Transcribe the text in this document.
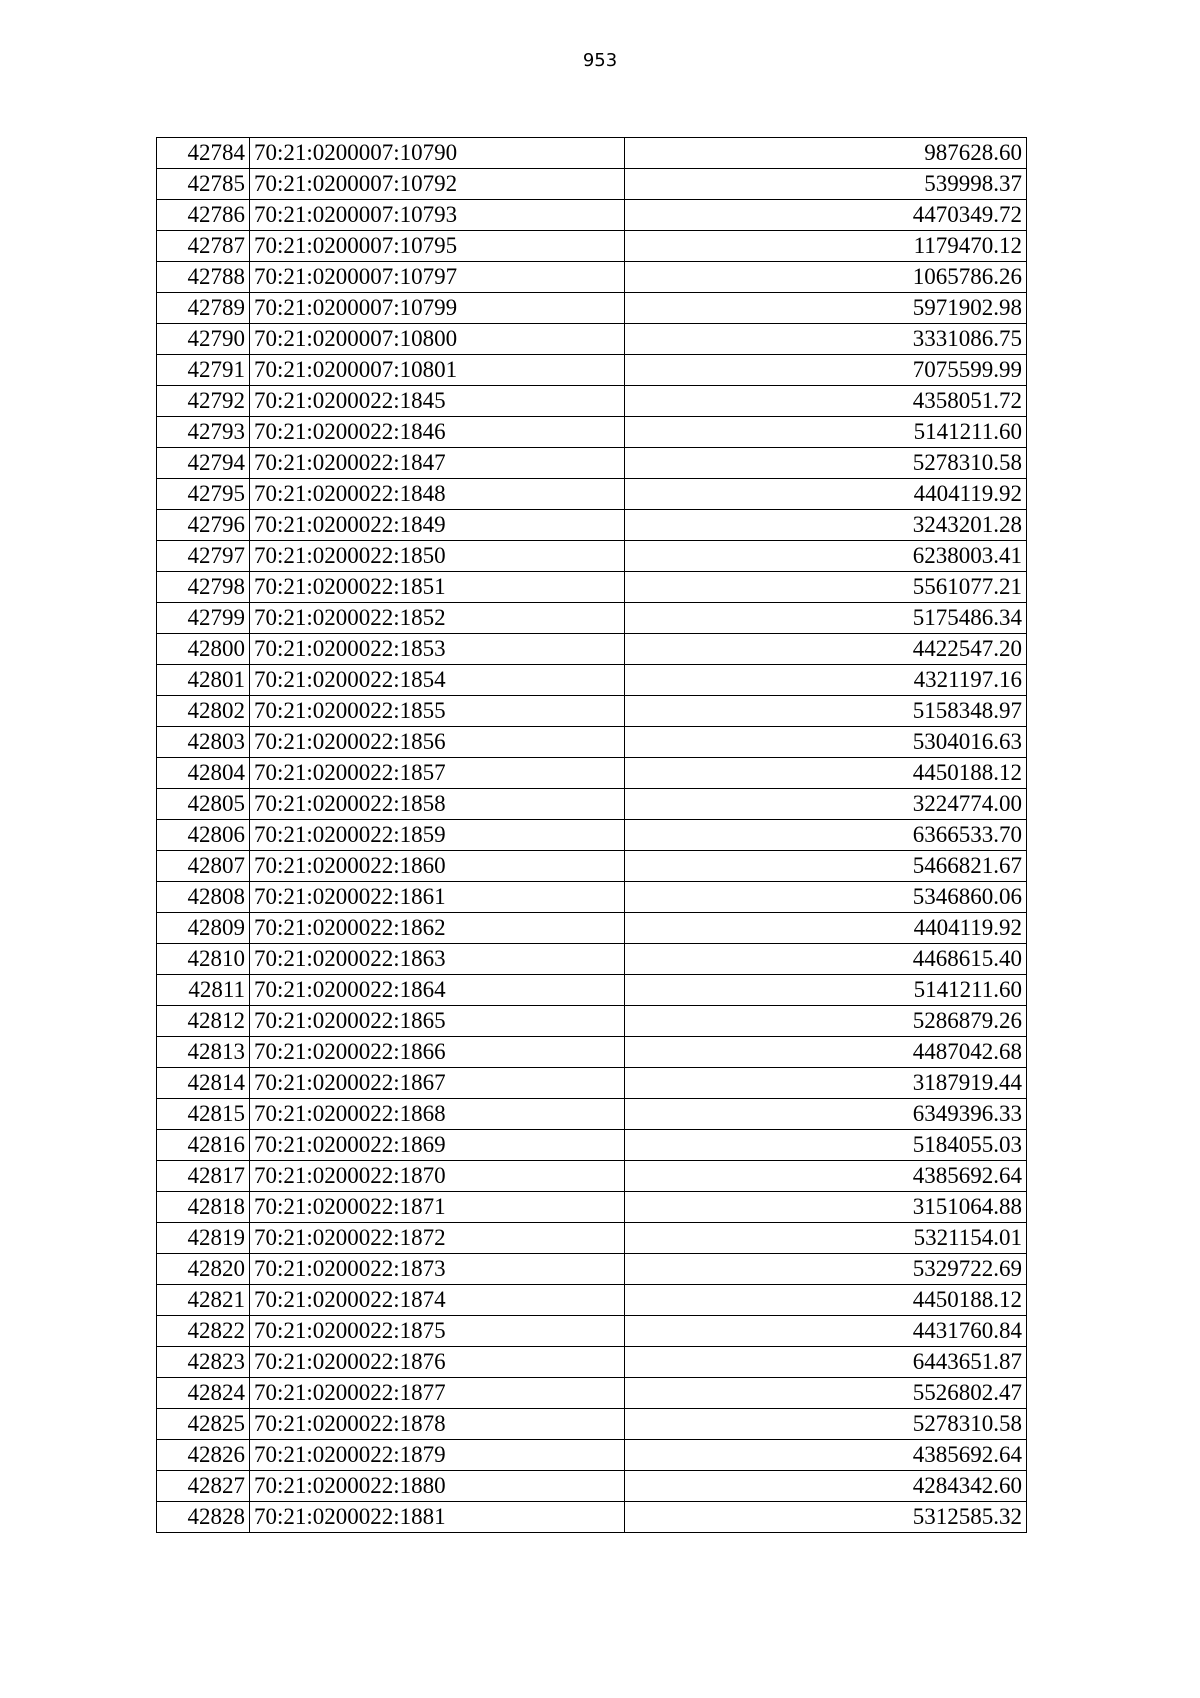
953
42784	70:21:0200007:10790	987628.60
42785	70:21:0200007:10792	539998.37
42786	70:21:0200007:10793	4470349.72
42787	70:21:0200007:10795	1179470.12
42788	70:21:0200007:10797	1065786.26
42789	70:21:0200007:10799	5971902.98
42790	70:21:0200007:10800	3331086.75
42791	70:21:0200007:10801	7075599.99
42792	70:21:0200022:1845	4358051.72
42793	70:21:0200022:1846	5141211.60
42794	70:21:0200022:1847	5278310.58
42795	70:21:0200022:1848	4404119.92
42796	70:21:0200022:1849	3243201.28
42797	70:21:0200022:1850	6238003.41
42798	70:21:0200022:1851	5561077.21
42799	70:21:0200022:1852	5175486.34
42800	70:21:0200022:1853	4422547.20
42801	70:21:0200022:1854	4321197.16
42802	70:21:0200022:1855	5158348.97
42803	70:21:0200022:1856	5304016.63
42804	70:21:0200022:1857	4450188.12
42805	70:21:0200022:1858	3224774.00
42806	70:21:0200022:1859	6366533.70
42807	70:21:0200022:1860	5466821.67
42808	70:21:0200022:1861	5346860.06
42809	70:21:0200022:1862	4404119.92
42810	70:21:0200022:1863	4468615.40
42811	70:21:0200022:1864	5141211.60
42812	70:21:0200022:1865	5286879.26
42813	70:21:0200022:1866	4487042.68
42814	70:21:0200022:1867	3187919.44
42815	70:21:0200022:1868	6349396.33
42816	70:21:0200022:1869	5184055.03
42817	70:21:0200022:1870	4385692.64
42818	70:21:0200022:1871	3151064.88
42819	70:21:0200022:1872	5321154.01
42820	70:21:0200022:1873	5329722.69
42821	70:21:0200022:1874	4450188.12
42822	70:21:0200022:1875	4431760.84
42823	70:21:0200022:1876	6443651.87
42824	70:21:0200022:1877	5526802.47
42825	70:21:0200022:1878	5278310.58
42826	70:21:0200022:1879	4385692.64
42827	70:21:0200022:1880	4284342.60
42828	70:21:0200022:1881	5312585.32
